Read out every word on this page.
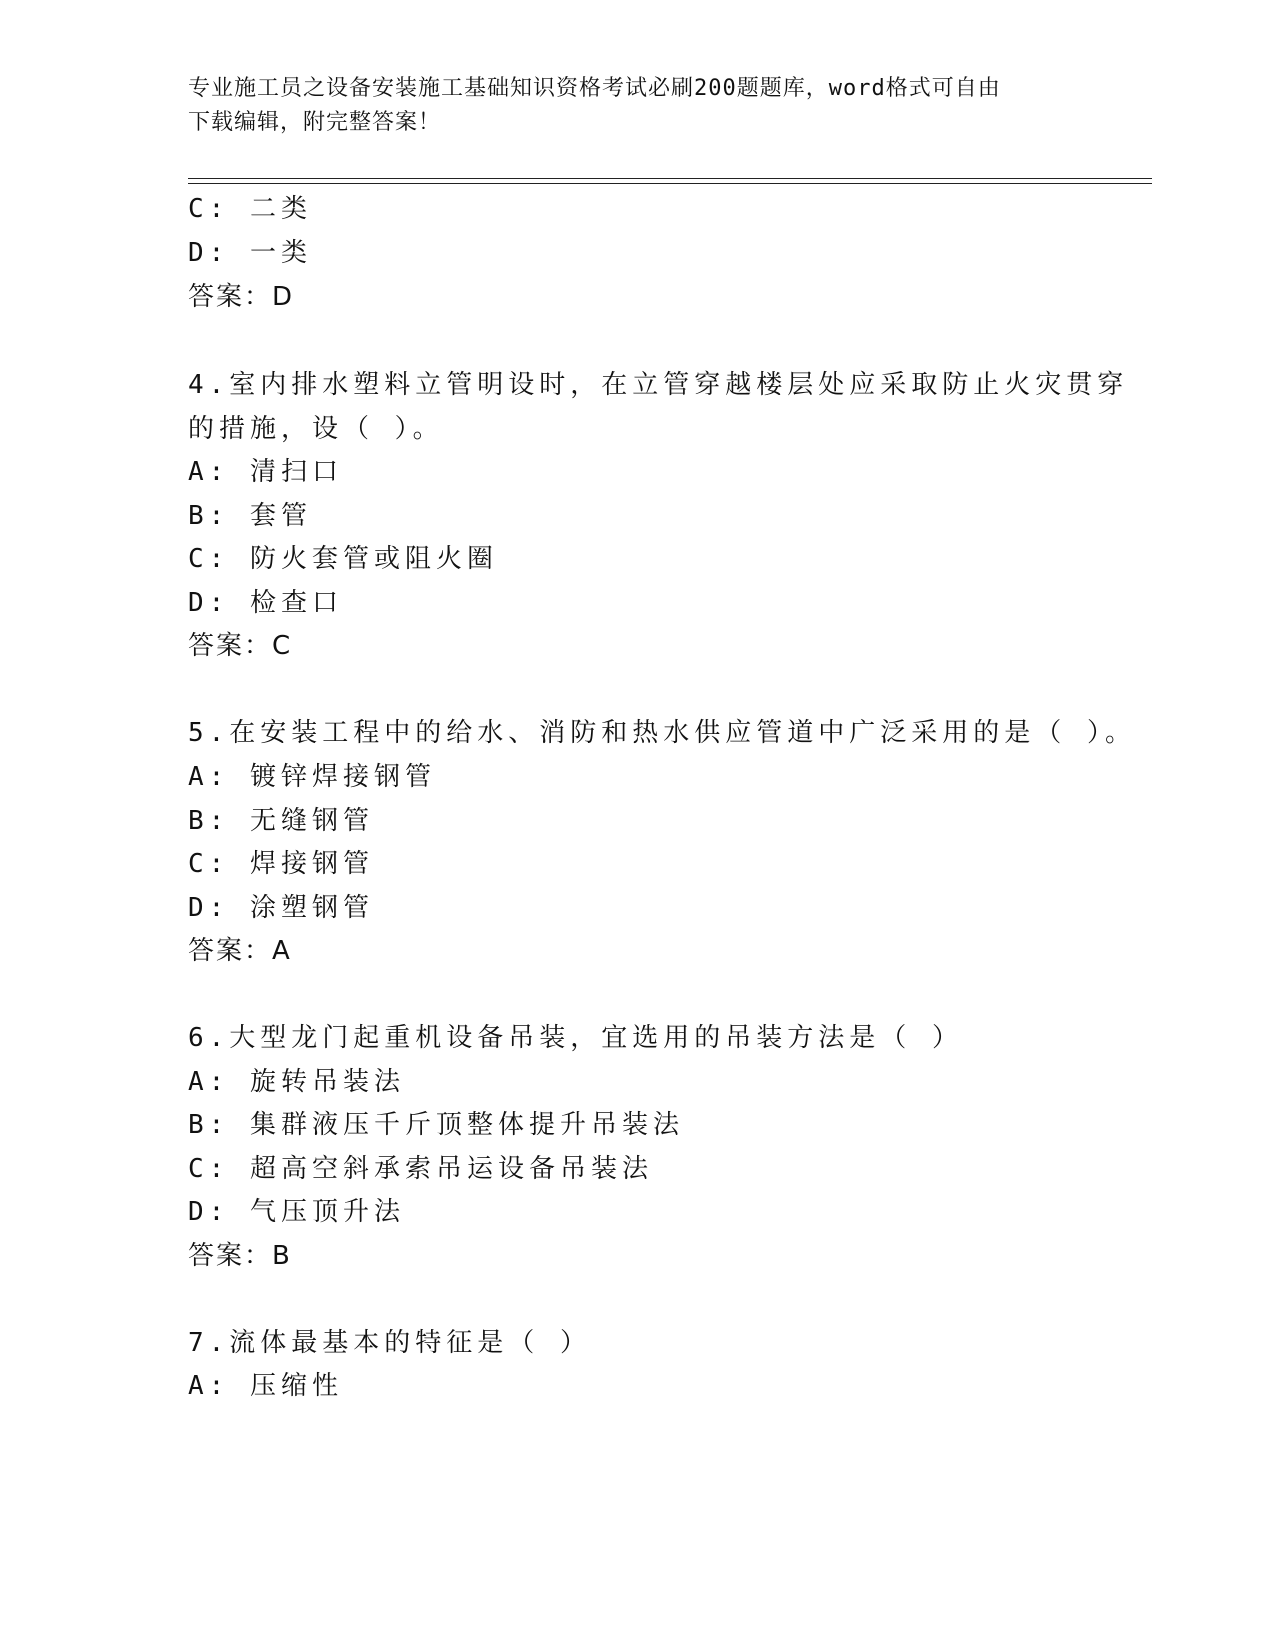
专业施工员之设备安装施工基础知识资格考试必刷200题题库，word格式可自由
下载编辑，附完整答案！
C: 二类
D: 一类
答案：D
4.室内排水塑料立管明设时，在立管穿越楼层处应采取防止火灾贯穿
的措施，设（ ）。
A: 清扫口
B: 套管
C: 防火套管或阻火圈
D: 检查口
答案：C
5.在安装工程中的给水、消防和热水供应管道中广泛采用的是（ ）。
A: 镀锌焊接钢管
B: 无缝钢管
C: 焊接钢管
D: 涂塑钢管
答案：A
6.大型龙门起重机设备吊装，宜选用的吊装方法是（ ）
A: 旋转吊装法
B: 集群液压千斤顶整体提升吊装法
C: 超高空斜承索吊运设备吊装法
D: 气压顶升法
答案：B
7.流体最基本的特征是（ ）
A: 压缩性
